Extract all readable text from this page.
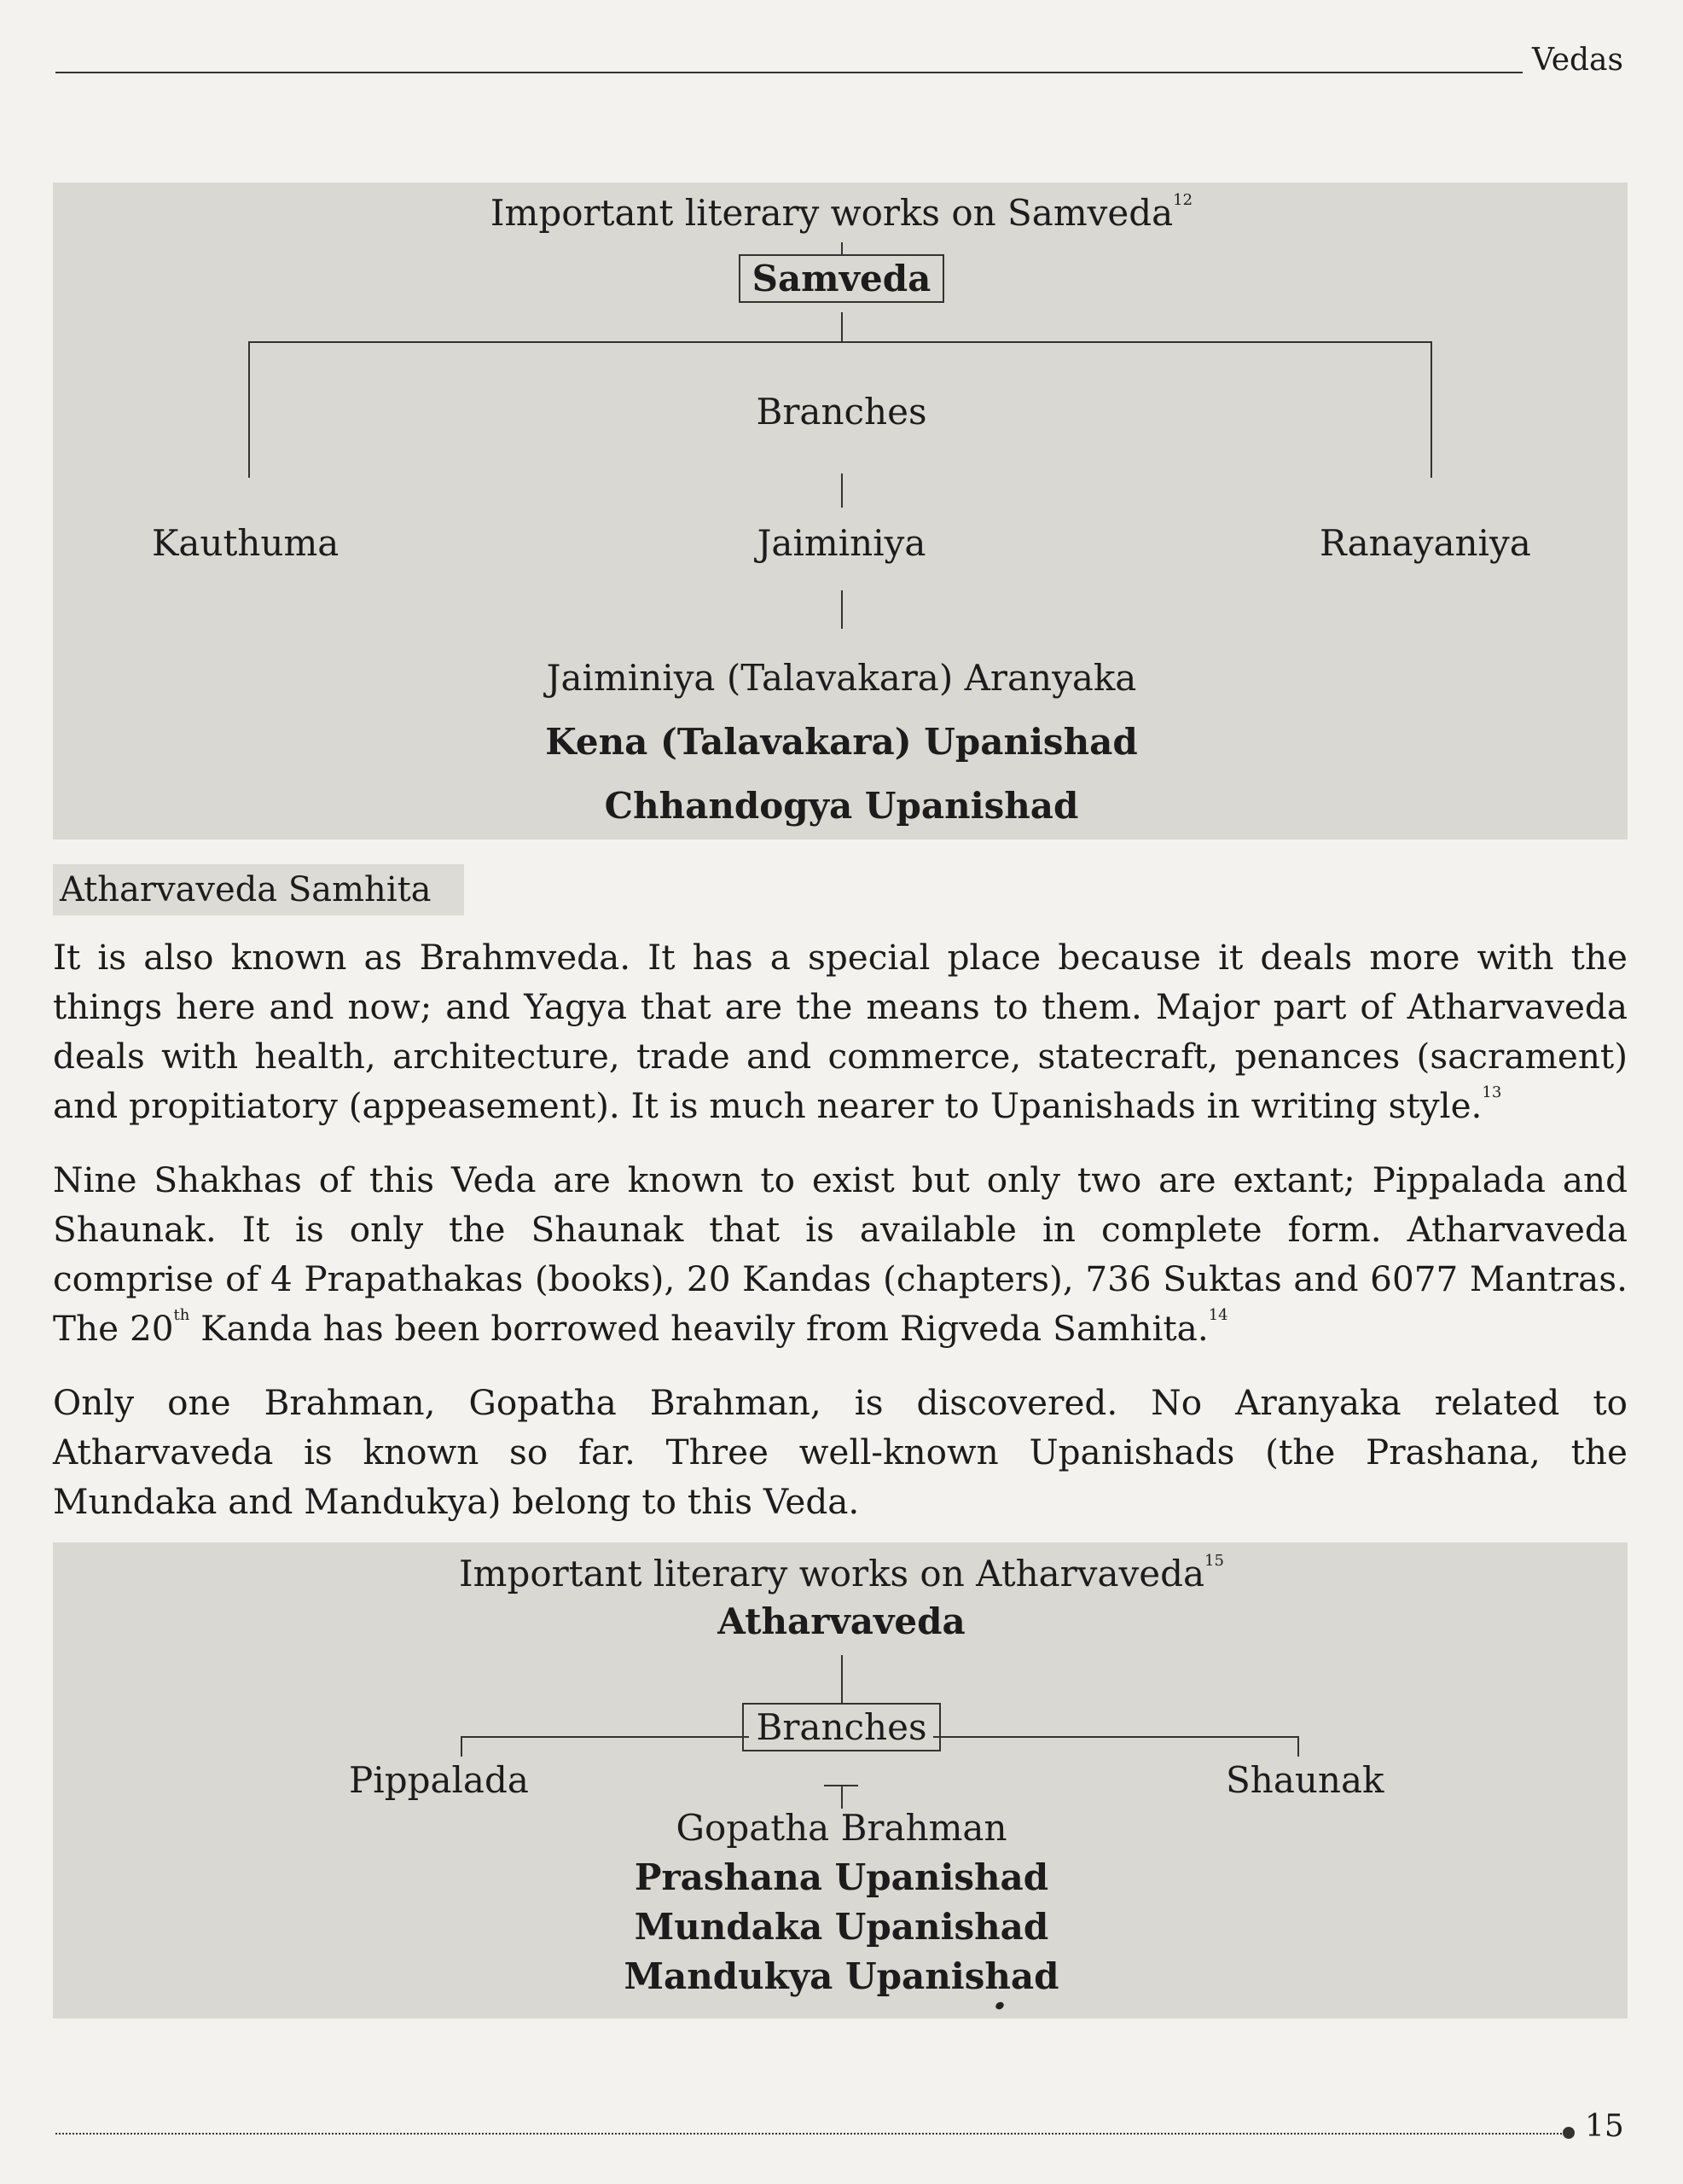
Vedas
Important literary works on Samveda$^{12}$
Samveda
Branches
Kauthuma	Jaiminiya	Ranayaniya
Jaiminiya (Talavakara) Aranyaka
Kena (Talavakara) Upanishad
Chhandogya Upanishad
Atharvaveda Samhita
It is also known as Brahmveda. It has a special place because it deals more with the
things here and now; and Yagya that are the means to them. Major part of Atharvaveda
deals with health, architecture, trade and commerce, statecraft, penances (sacrament)
and propitiatory (appeasement). It is much nearer to Upanishads in writing style.$^{13}$
Nine Shakhas of this Veda are known to exist but only two are extant; Pippalada and
Shaunak. It is only the Shaunak that is available in complete form. Atharvaveda
comprise of 4 Prapathakas (books), 20 Kandas (chapters), 736 Suktas and 6077 Mantras.
The 20th Kanda has been borrowed heavily from Rigveda Samhita.$^{14}$
Only one Brahman, Gopatha Brahman, is discovered. No Aranyaka related to
Atharvaveda is known so far. Three well-known Upanishads (the Prashana, the
Mundaka and Mandukya) belong to this Veda.
Important literary works on Atharvaveda$^{15}$
Atharvaveda
Branches
Pippalada	Shaunak
Gopatha Brahman
Prashana Upanishad
Mundaka Upanishad
Mandukya Upanishad
15
